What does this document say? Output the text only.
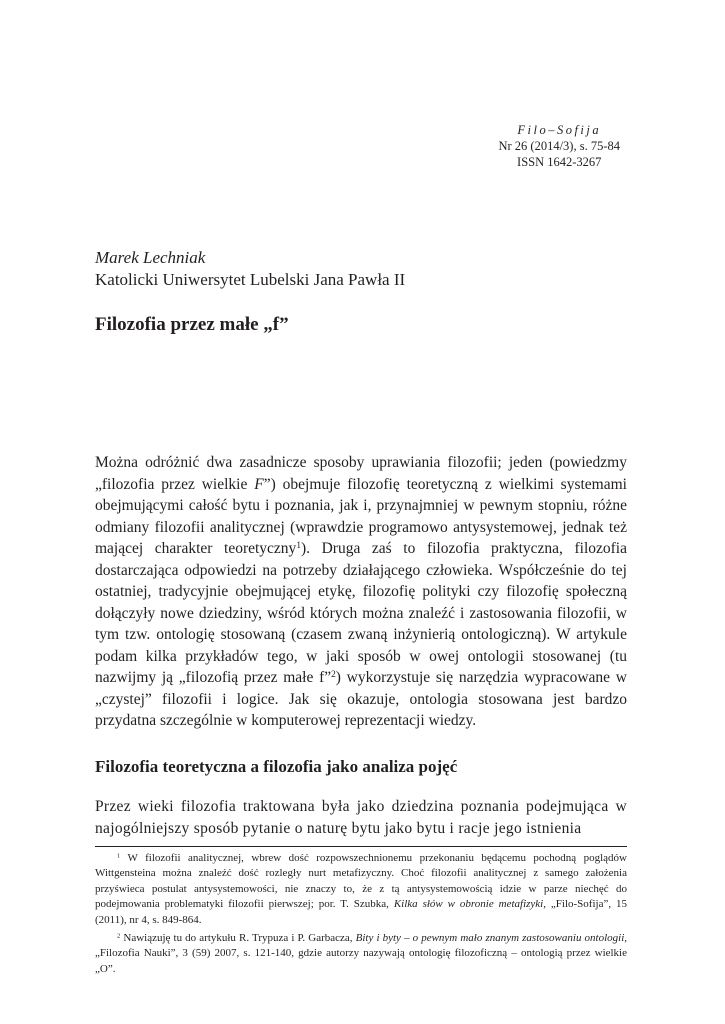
Filo–Sofija
Nr 26 (2014/3), s. 75-84
ISSN 1642-3267
Marek Lechniak
Katolicki Uniwersytet Lubelski Jana Pawła II
Filozofia przez małe „f”

Można odróżnić dwa zasadnicze sposoby uprawiania filozofii; jeden (powiedzmy „filozofia przez wielkie F”) obejmuje filozofię teoretyczną z wielkimi systemami obejmującymi całość bytu i poznania, jak i, przynajmniej w pewnym stopniu, różne odmiany filozofii analitycznej (wprawdzie programowo antysystemowej, jednak też mającej charakter teoretyczny$^1$). Druga zaś to filozofia praktyczna, filozofia dostarczająca odpowiedzi na potrzeby działającego człowieka. Współcześnie do tej ostatniej, tradycyjnie obejmującej etykę, filozofię polityki czy filozofię społeczną dołączyły nowe dziedziny, wśród których można znaleźć i zastosowania filozofii, w tym tzw. ontologię stosowaną (czasem zwaną inżynierią ontologiczną). W artykule podam kilka przykładów tego, w jaki sposób w owej ontologii stosowanej (tu nazwijmy ją „filozofią przez małe f”$^2$) wykorzystuje się narzędzia wypracowane w „czystej” filozofii i logice. Jak się okazuje, ontologia stosowana jest bardzo przydatna szczególnie w komputerowej reprezentacji wiedzy.

Filozofia teoretyczna a filozofia jako analiza pojęć

Przez wieki filozofia traktowana była jako dziedzina poznania podejmująca w najogólniejszy sposób pytanie o naturę bytu jako bytu i racje jego istnienia

$^1$ W filozofii analitycznej, wbrew dość rozpowszechnionemu przekonaniu będącemu pochodną poglądów Wittgensteina można znaleźć dość rozległy nurt metafizyczny. Choć filozofii analitycznej z samego założenia przyświeca postulat antysystemowości, nie znaczy to, że z tą antysystemowością idzie w parze niechęć do podejmowania problematyki filozofii pierwszej; por. T. Szubka, Kilka słów w obronie metafizyki, „Filo-Sofija”, 15 (2011), nr 4, s. 849-864.

$^2$ Nawiązuję tu do artykułu R. Trypuza i P. Garbacza, Bity i byty – o pewnym mało znanym zastosowaniu ontologii, „Filozofia Nauki”, 3 (59) 2007, s. 121-140, gdzie autorzy nazywają ontologię filozoficzną – ontologią przez wielkie „O”.
